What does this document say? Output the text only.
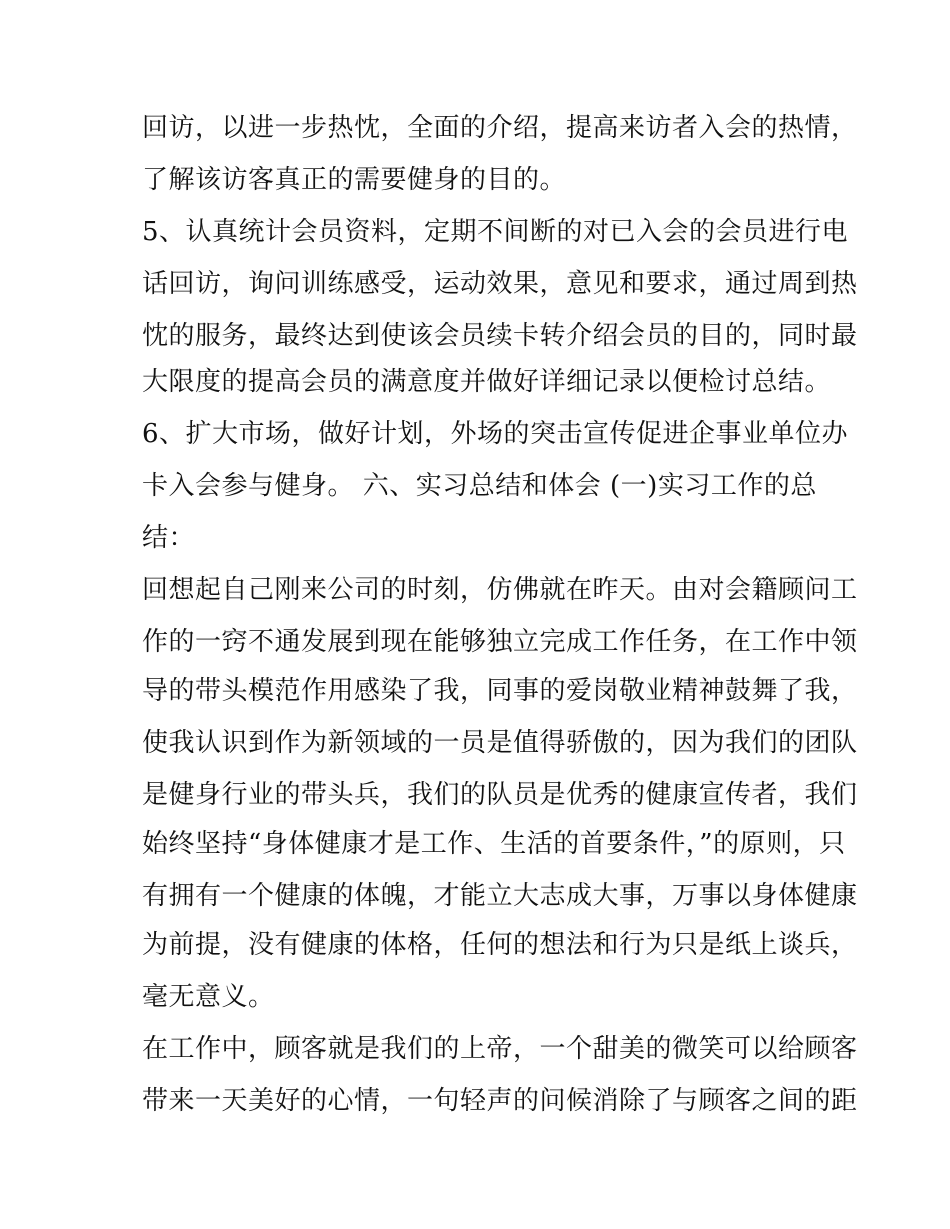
回访，以进一步热忱，全面的介绍，提高来访者入会的热情，
了解该访客真正的需要健身的目的。
5、认真统计会员资料，定期不间断的对已入会的会员进行电
话回访，询问训练感受，运动效果，意见和要求，通过周到热
忱的服务，最终达到使该会员续卡转介绍会员的目的，同时最
大限度的提高会员的满意度并做好详细记录以便检讨总结。
6、扩大市场，做好计划，外场的突击宣传促进企事业单位办
卡入会参与健身。 六、实习总结和体会 (一)实习工作的总
结：
回想起自己刚来公司的时刻，仿佛就在昨天。由对会籍顾问工
作的一窍不通发展到现在能够独立完成工作任务，在工作中领
导的带头模范作用感染了我，同事的爱岗敬业精神鼓舞了我，
使我认识到作为新领域的一员是值得骄傲的，因为我们的团队
是健身行业的带头兵，我们的队员是优秀的健康宣传者，我们
始终坚持“身体健康才是工作、生活的首要条件，”的原则，只
有拥有一个健康的体魄，才能立大志成大事，万事以身体健康
为前提，没有健康的体格，任何的想法和行为只是纸上谈兵，
毫无意义。
在工作中，顾客就是我们的上帝，一个甜美的微笑可以给顾客
带来一天美好的心情，一句轻声的问候消除了与顾客之间的距
